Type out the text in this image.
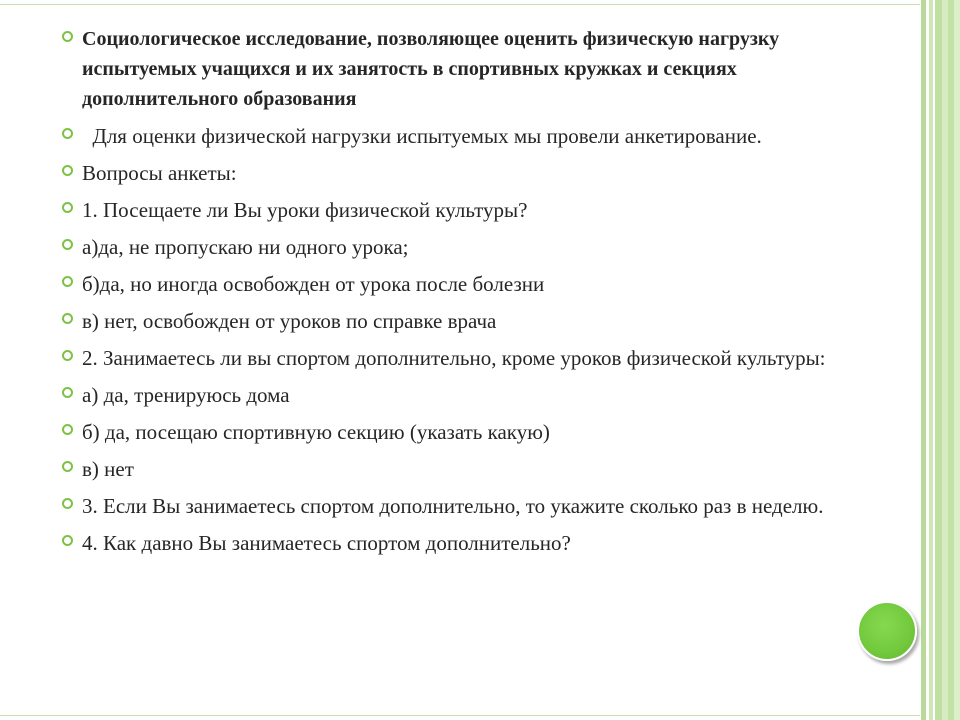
Социологическое исследование, позволяющее оценить физическую нагрузку испытуемых учащихся и их занятость в спортивных кружках и секциях дополнительного образования
Для оценки физической нагрузки испытуемых мы провели анкетирование.
Вопросы анкеты:
1. Посещаете ли Вы уроки физической культуры?
а)да, не пропускаю ни одного урока;
б)да, но иногда освобожден от урока после болезни
в) нет, освобожден от уроков по справке врача
2. Занимаетесь ли вы спортом дополнительно, кроме уроков физической культуры:
а) да, тренируюсь дома
б) да, посещаю спортивную секцию (указать какую)
в) нет
3. Если Вы занимаетесь спортом дополнительно, то укажите сколько раз в неделю.
4. Как давно Вы занимаетесь спортом дополнительно?
